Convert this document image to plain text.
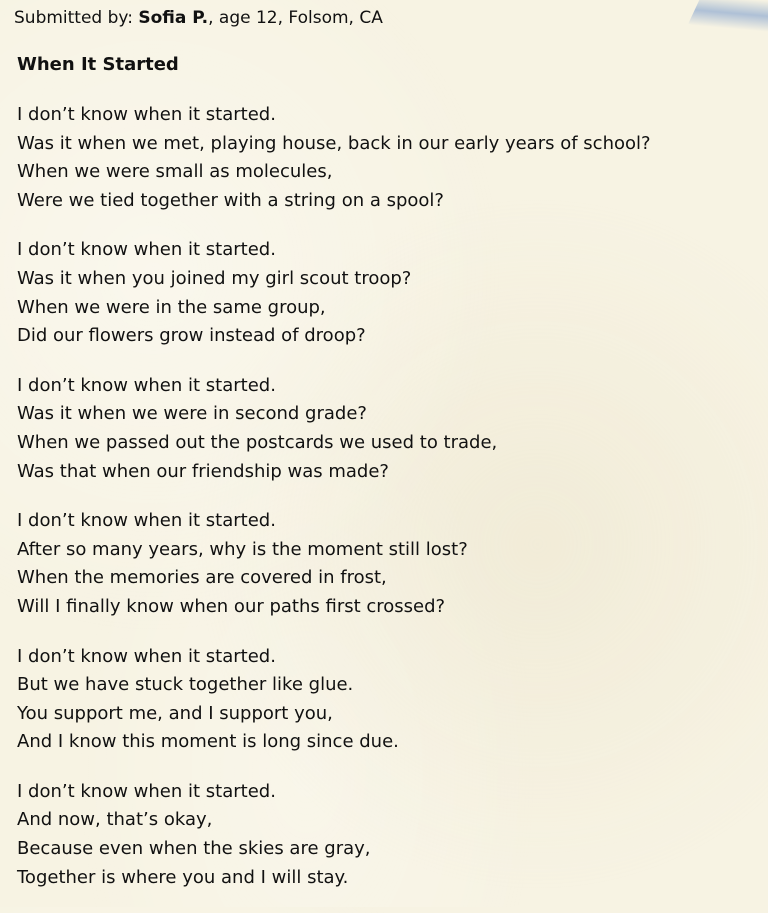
Submitted by: Sofia P., age 12, Folsom, CA
When It Started
I don’t know when it started.
Was it when we met, playing house, back in our early years of school?
When we were small as molecules,
Were we tied together with a string on a spool?
I don’t know when it started.
Was it when you joined my girl scout troop?
When we were in the same group,
Did our flowers grow instead of droop?
I don’t know when it started.
Was it when we were in second grade?
When we passed out the postcards we used to trade,
Was that when our friendship was made?
I don’t know when it started.
After so many years, why is the moment still lost?
When the memories are covered in frost,
Will I finally know when our paths first crossed?
I don’t know when it started.
But we have stuck together like glue.
You support me, and I support you,
And I know this moment is long since due.
I don’t know when it started.
And now, that’s okay,
Because even when the skies are gray,
Together is where you and I will stay.
